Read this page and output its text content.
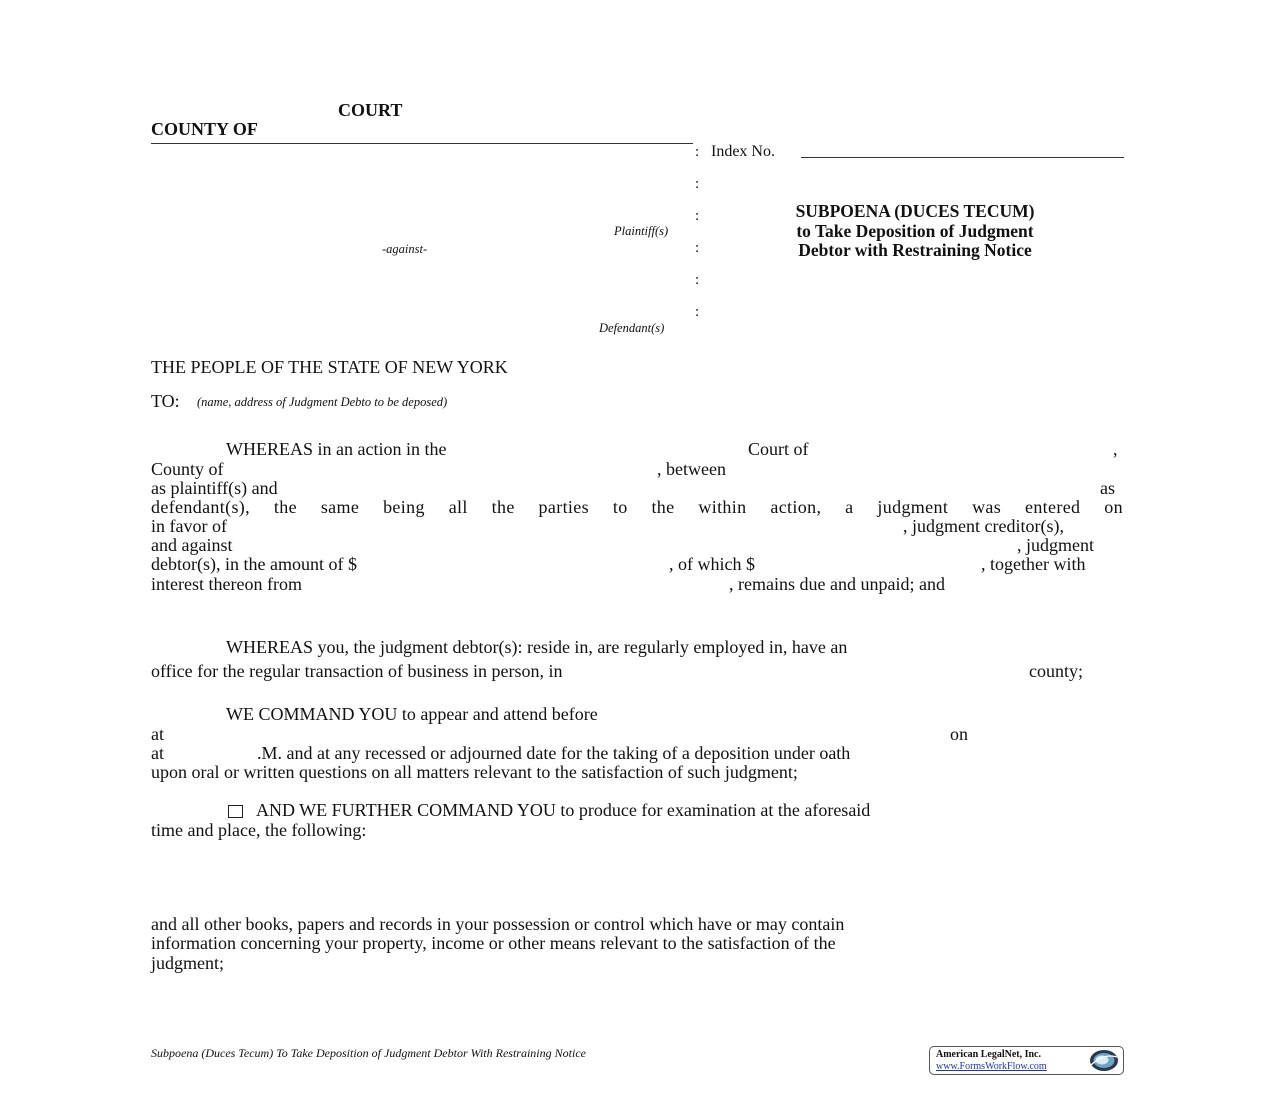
COURT
COUNTY OF
: Index No.
:
:
:
:
:
Plaintiff(s)
-against-
Defendant(s)
SUBPOENA (DUCES TECUM)
to Take Deposition of Judgment
Debtor with Restraining Notice
THE PEOPLE OF THE STATE OF NEW YORK
TO: (name, address of Judgment Debto to be deposed)
WHEREAS in an action in the	Court of	,
County of	, between
as plaintiff(s) and	as
defendant(s), the same being all the parties to the within action, a judgment was entered on
in favor of	, judgment creditor(s),
and against	, judgment
debtor(s), in the amount of $	, of which $	, together with
interest thereon from	, remains due and unpaid; and
WHEREAS you, the judgment debtor(s): reside in, are regularly employed in, have an
office for the regular transaction of business in person, in	county;
WE COMMAND YOU to appear and attend before
at	on
at	.M. and at any recessed or adjourned date for the taking of a deposition under oath
upon oral or written questions on all matters relevant to the satisfaction of such judgment;
AND WE FURTHER COMMAND YOU to produce for examination at the aforesaid
time and place, the following:
and all other books, papers and records in your possession or control which have or may contain
information concerning your property, income or other means relevant to the satisfaction of the
judgment;
Subpoena (Duces Tecum) To Take Deposition of Judgment Debtor With Restraining Notice	American LegalNet, Inc.
www.FormsWorkFlow.com
